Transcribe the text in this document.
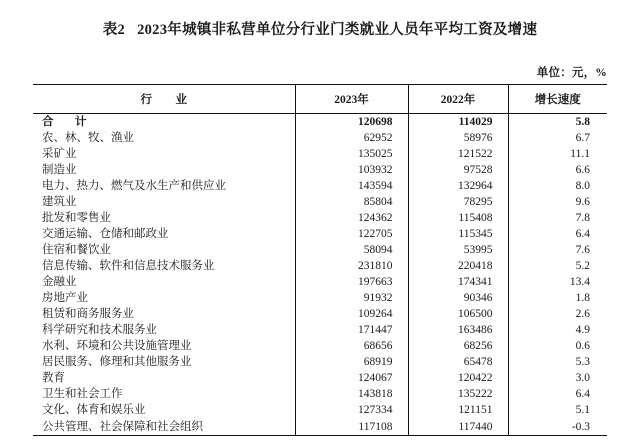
表2 2023年城镇非私营单位分行业门类就业人员年平均工资及增速
单位：元，%
行　业	2023年	2022年	增长速度
合　计	120698	114029	5.8
农、林、牧、渔业	62952	58976	6.7
采矿业	135025	121522	11.1
制造业	103932	97528	6.6
电力、热力、燃气及水生产和供应业	143594	132964	8.0
建筑业	85804	78295	9.6
批发和零售业	124362	115408	7.8
交通运输、仓储和邮政业	122705	115345	6.4
住宿和餐饮业	58094	53995	7.6
信息传输、软件和信息技术服务业	231810	220418	5.2
金融业	197663	174341	13.4
房地产业	91932	90346	1.8
租赁和商务服务业	109264	106500	2.6
科学研究和技术服务业	171447	163486	4.9
水利、环境和公共设施管理业	68656	68256	0.6
居民服务、修理和其他服务业	68919	65478	5.3
教育	124067	120422	3.0
卫生和社会工作	143818	135222	6.4
文化、体育和娱乐业	127334	121151	5.1
公共管理、社会保障和社会组织	117108	117440	-0.3
